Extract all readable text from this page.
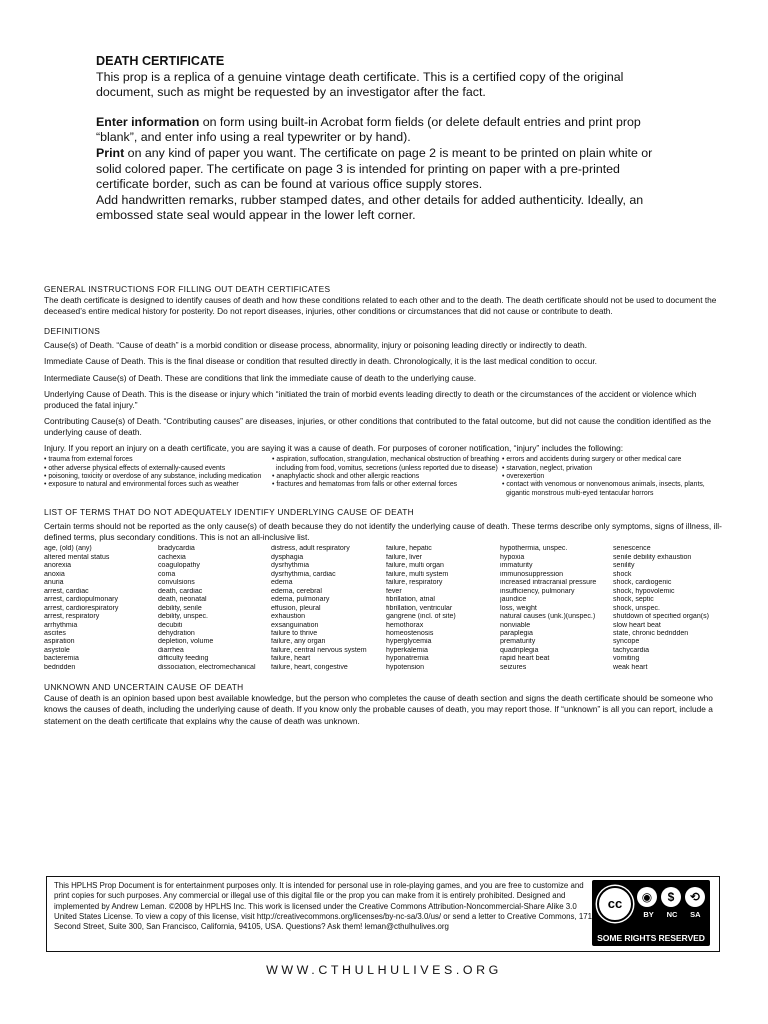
DEATH CERTIFICATE

This prop is a replica of a genuine vintage death certificate. This is a certified copy of the original document, such as might be requested by an investigator after the fact.

Enter information on form using built-in Acrobat form fields (or delete default entries and print prop “blank”, and enter info using a real typewriter or by hand).

Print on any kind of paper you want. The certificate on page 2 is meant to be printed on plain white or solid colored paper. The certificate on page 3 is intended for printing on paper with a pre-printed certificate border, such as can be found at various office supply stores.

Add handwritten remarks, rubber stamped dates, and other details for added authenticity. Ideally, an embossed state seal would appear in the lower left corner.

GENERAL INSTRUCTIONS FOR FILLING OUT DEATH CERTIFICATES

The death certificate is designed to identify causes of death and how these conditions related to each other and to the death. The death certificate should not be used to document the deceased’s entire medical history for posterity. Do not report diseases, injuries, other conditions or circumstances that did not cause or contribute to death.

DEFINITIONS

Cause(s) of Death. “Cause of death” is a morbid condition or disease process, abnormality, injury or poisoning leading directly or indirectly to death.

Immediate Cause of Death. This is the final disease or condition that resulted directly in death. Chronologically, it is the last medical condition to occur.

Intermediate Cause(s) of Death. These are conditions that link the immediate cause of death to the underlying cause.

Underlying Cause of Death. This is the disease or injury which “initiated the train of morbid events leading directly to death or the circumstances of the accident or violence which produced the fatal injury.”

Contributing Cause(s) of Death. “Contributing causes” are diseases, injuries, or other conditions that contributed to the fatal outcome, but did not cause the condition identified as the underlying cause of death.

Injury. If you report an injury on a death certificate, you are saying it was a cause of death. For purposes of coroner notification, “injury” includes the following:

• trauma from external forces
• other adverse physical effects of externally-caused events
• poisoning, toxicity or overdose of any substance, including medication
• exposure to natural and environmental forces such as weather
• aspiration, suffocation, strangulation, mechanical obstruction of breathing including from food, vomitus, secretions (unless reported due to disease)
• anaphylactic shock and other allergic reactions
• fractures and hematomas from falls or other external forces
• errors and accidents during surgery or other medical care
• starvation, neglect, privation
• overexertion
• contact with venomous or nonvenomous animals, insects, plants, gigantic monstrous multi-eyed tentacular horrors

LIST OF TERMS THAT DO NOT ADEQUATELY IDENTIFY UNDERLYING CAUSE OF DEATH

Certain terms should not be reported as the only cause(s) of death because they do not identify the underlying cause of death. These terms describe only symptoms, signs of illness, ill-defined terms, plus secondary conditions. This is not an all-inclusive list.

age, (old) (any)
altered mental status
anorexia
anoxia
anuria
arrest, cardiac
arrest, cardiopulmonary
arrest, cardiorespiratory
arrest, respiratory
arrhythmia
ascites
aspiration
asystole
bacteremia
bedridden
bradycardia
cachexia
coagulopathy
coma
convulsions
death, cardiac
death, neonatal
debility, senile
debility, unspec.
decubiti
dehydration
depletion, volume
diarrhea
difficulty feeding
dissociation, electromechanical
distress, adult respiratory
dysphagia
dysrhythmia
dysrhythmia, cardiac
edema
edema, cerebral
edema, pulmonary
effusion, pleural
exhaustion
exsanguination
failure to thrive
failure, any organ
failure, central nervous system
failure, heart
failure, heart, congestive
failure, hepatic
failure, liver
failure, multi organ
failure, multi system
failure, respiratory
fever
fibrillation, atrial
fibrillation, ventricular
gangrene (incl. of site)
hemothorax
homeostenosis
hyperglycemia
hyperkalemia
hyponatremia
hypotension
hypothermia, unspec.
hypoxia
immaturity
immunosuppression
increased intracranial pressure
insufficiency, pulmonary
jaundice
loss, weight
natural causes (unk.)(unspec.)
nonviable
paraplegia
prematurity
quadriplegia
rapid heart beat
seizures
senescence
senile debility exhaustion
senility
shock
shock, cardiogenic
shock, hypovolemic
shock, septic
shock, unspec.
shutdown of specified organ(s)
slow heart beat
state, chronic bedridden
syncope
tachycardia
vomiting
weak heart

UNKNOWN AND UNCERTAIN CAUSE OF DEATH

Cause of death is an opinion based upon best available knowledge, but the person who completes the cause of death section and signs the death certificate should be someone who knows the causes of death, including the underlying cause of death. If you know only the probable causes of death, you may report those. If “unknown” is all you can report, include a statement on the death certificate that explains why the cause of death was unknown.

This HPLHS Prop Document is for entertainment purposes only. It is intended for personal use in role-playing games, and you are free to customize and print copies for such purposes. Any commercial or illegal use of this digital file or the prop you can make from it is entirely prohibited. Designed and implemented by Andrew Leman. ©2008 by HPLHS Inc. This work is licensed under the Creative Commons Attribution-Noncommercial-Share Alike 3.0 United States License. To view a copy of this license, visit http://creativecommons.org/licenses/by-nc-sa/3.0/us/ or send a letter to Creative Commons, 171 Second Street, Suite 300, San Francisco, California, 94105, USA. Questions? Ask them! leman@cthulhulives.org

cc	◉	$	⟲
BY NC SA
SOME RIGHTS RESERVED
WWW.CTHULHULIVES.ORG
